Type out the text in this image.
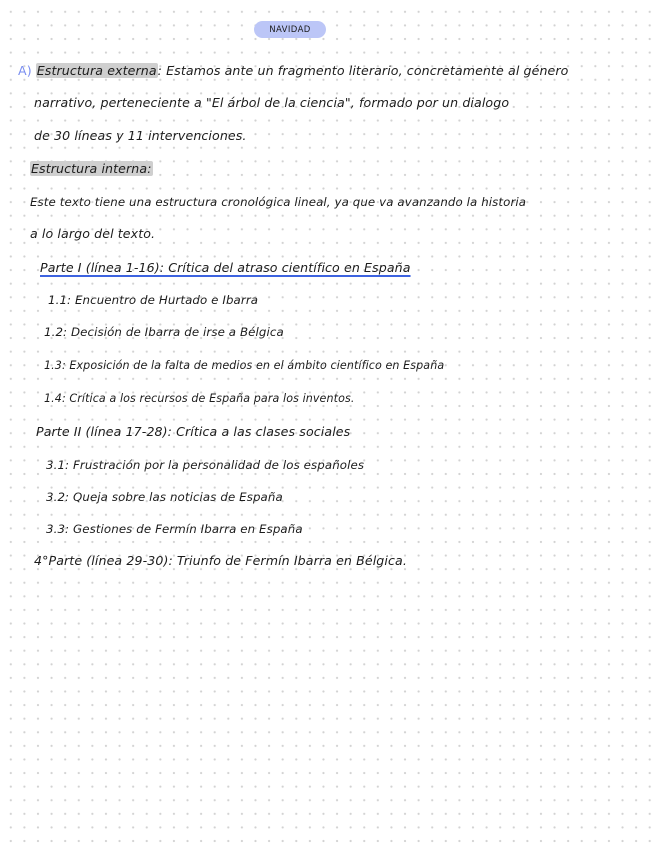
NAVIDAD
A) Estructura externa: Estamos ante un fragmento literario, concretamente al género
narrativo, perteneciente a "El árbol de la ciencia", formado por un dialogo
de 30 líneas y 11 intervenciones.
Estructura interna:
Este texto tiene una estructura cronológica lineal, ya que va avanzando la historia
a lo largo del texto.
Parte I (línea 1-16): Crítica del atraso científico en España
1.1: Encuentro de Hurtado e Ibarra
1.2: Decisión de Ibarra de irse a Bélgica
1.3: Exposición de la falta de medios en el ámbito científico en España
1.4: Crítica a los recursos de España para los inventos.
Parte II (línea 17-28): Crítica a las clases sociales
3.1: Frustración por la personalidad de los españoles
3.2: Queja sobre las noticias de España
3.3: Gestiones de Fermín Ibarra en España
4°Parte (línea 29-30): Triunfo de Fermín Ibarra en Bélgica.
